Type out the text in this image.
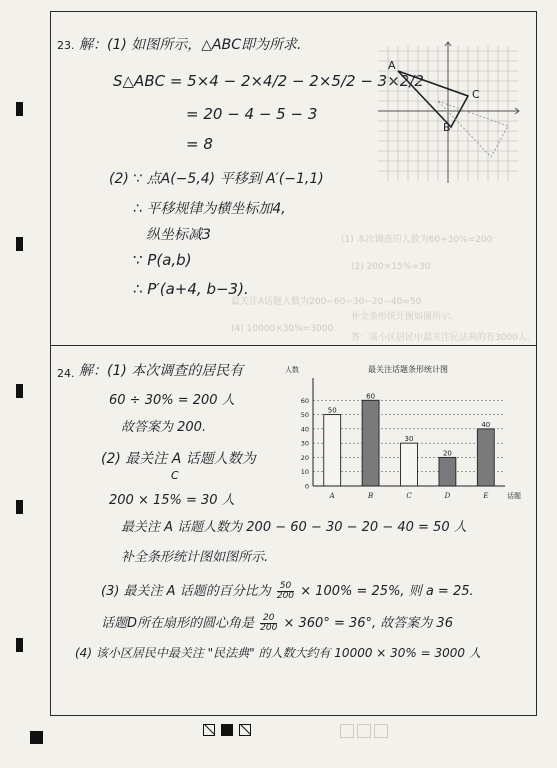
(1) 本次调查的人数为60÷30%=200
(2) 200×15%=30
最关注A话题人数为200−60−30−20−40=50
补全条形统计图如图所示.
(4) 10000×30%=3000
答：该小区居民中最关注民法典的有3000人.
23. 解：(1) 如图所示，△ABC即为所求.
S△ABC = 5×4 − 2×4/2 − 2×5/2 − 3×2/2
= 20 − 4 − 5 − 3
= 8
(2) ∵ 点A(−5,4) 平移到 A′(−1,1)
∴ 平移规律为横坐标加4,
纵坐标减3
∵ P(a,b)
∴ P′(a+4, b−3).
A
C
B
24. 解：(1) 本次调查的居民有
60 ÷ 30% = 200 人
故答案为 200.
(2) 最关注 A 话题人数为
C
200 × 15% = 30 人
最关注 A 话题人数为 200 − 60 − 30 − 20 − 40 = 50 人
补全条形统计图如图所示.
(3) 最关注 A 话题的百分比为 $\frac{50}{200} \times 100\% = 25\%$, 则 a = 25.
话题D所在扇形的圆心角是 $\frac{20}{200} \times 360^\circ = 36^\circ$, 故答案为 36
(4) 该小区居民中最关注 "民法典" 的人数大约有 10000 × 30% = 3000 人
最关注话题条形统计图
人数
话题
0
10
20
30
40
50
60
50
A
60
B
30
C
20
D
40
E
